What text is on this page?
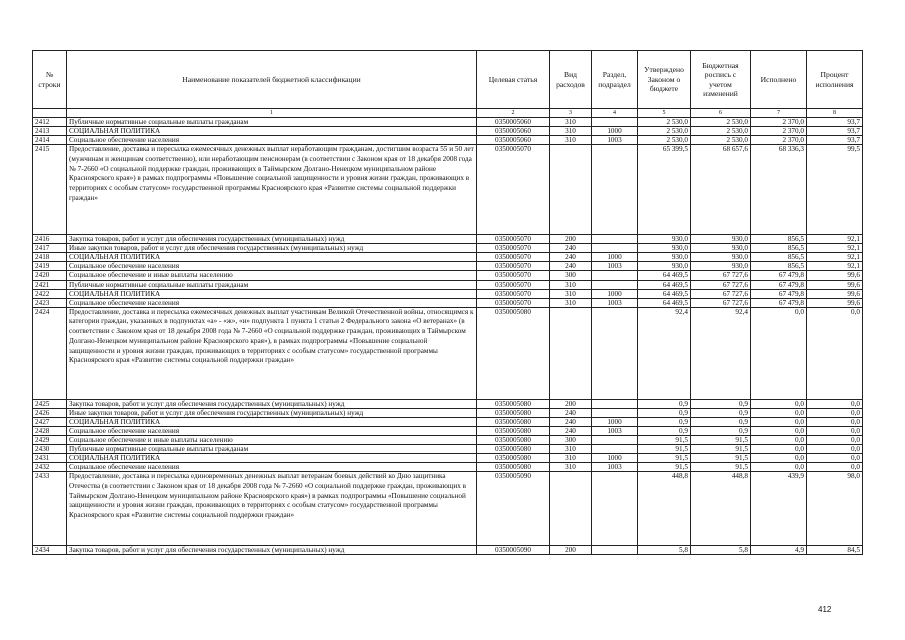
№ строки	Наименование показателей бюджетной классификации	Целевая статья	Вид расходов	Раздел, подраздел	Утверждено Законом о бюджете	Бюджетная роспись с учетом изменений	Исполнено	Процент исполнения
	1	2	3	4	5	6	7	8
2412	Публичные нормативные социальные выплаты гражданам	0350005060	310		2 530,0	2 530,0	2 370,0	93,7
2413	СОЦИАЛЬНАЯ ПОЛИТИКА	0350005060	310	1000	2 530,0	2 530,0	2 370,0	93,7
2414	Социальное обеспечение населения	0350005060	310	1003	2 530,0	2 530,0	2 370,0	93,7
2415	Предоставление, доставка и пересылка ежемесячных денежных выплат неработающим гражданам, достигшим возраста 55 и 50 лет (мужчинам и женщинам соответственно), или неработающим пенсионерам (в соответствии с Законом края от 18 декабря 2008 года № 7-2660 «О социальной поддержке граждан, проживающих в Таймырском Долгано-Ненецком муниципальном районе Красноярского края») в рамках подпрограммы «Повышение социальной защищенности и уровня жизни граждан, проживающих в территориях с особым статусом» государственной программы Красноярского края «Развитие системы социальной поддержки граждан»	0350005070			65 399,5	68 657,6	68 336,3	99,5
2416	Закупка товаров, работ и услуг для обеспечения государственных (муниципальных) нужд	0350005070	200		930,0	930,0	856,5	92,1
2417	Иные закупки товаров, работ и услуг для обеспечения государственных (муниципальных) нужд	0350005070	240		930,0	930,0	856,5	92,1
2418	СОЦИАЛЬНАЯ ПОЛИТИКА	0350005070	240	1000	930,0	930,0	856,5	92,1
2419	Социальное обеспечение населения	0350005070	240	1003	930,0	930,0	856,5	92,1
2420	Социальное обеспечение и иные выплаты населению	0350005070	300		64 469,5	67 727,6	67 479,8	99,6
2421	Публичные нормативные социальные выплаты гражданам	0350005070	310		64 469,5	67 727,6	67 479,8	99,6
2422	СОЦИАЛЬНАЯ ПОЛИТИКА	0350005070	310	1000	64 469,5	67 727,6	67 479,8	99,6
2423	Социальное обеспечение населения	0350005070	310	1003	64 469,5	67 727,6	67 479,8	99,6
2424	Предоставление, доставка и пересылка ежемесячных денежных выплат участникам Великой Отечественной войны, относящимся к категории граждан, указанных в подпунктах «а» - «ж», «и» подпункта 1 пункта 1 статьи 2 Федерального закона «О ветеранах» (в соответствии с Законом края от 18 декабря 2008 года № 7-2660 «О социальной поддержке граждан, проживающих в Таймырском Долгано-Ненецком муниципальном районе Красноярского края»), в рамках подпрограммы «Повышение социальной защищенности и уровня жизни граждан, проживающих в территориях с особым статусом» государственной программы Красноярского края «Развитие системы социальной поддержки граждан»	0350005080			92,4	92,4	0,0	0,0
2425	Закупка товаров, работ и услуг для обеспечения государственных (муниципальных) нужд	0350005080	200		0,9	0,9	0,0	0,0
2426	Иные закупки товаров, работ и услуг для обеспечения государственных (муниципальных) нужд	0350005080	240		0,9	0,9	0,0	0,0
2427	СОЦИАЛЬНАЯ ПОЛИТИКА	0350005080	240	1000	0,9	0,9	0,0	0,0
2428	Социальное обеспечение населения	0350005080	240	1003	0,9	0,9	0,0	0,0
2429	Социальное обеспечение и иные выплаты населению	0350005080	300		91,5	91,5	0,0	0,0
2430	Публичные нормативные социальные выплаты гражданам	0350005080	310		91,5	91,5	0,0	0,0
2431	СОЦИАЛЬНАЯ ПОЛИТИКА	0350005080	310	1000	91,5	91,5	0,0	0,0
2432	Социальное обеспечение населения	0350005080	310	1003	91,5	91,5	0,0	0,0
2433	Предоставление, доставка и пересылка единовременных денежных выплат ветеранам боевых действий ко Дню защитника Отечества (в соответствии с Законом края от 18 декабря 2008 года № 7-2660 «О социальной поддержке граждан, проживающих в Таймырском Долгано-Ненецком муниципальном районе Красноярского края») в рамках подпрограммы «Повышение социальной защищенности и уровня жизни граждан, проживающих в территориях с особым статусом» государственной программы Красноярского края «Развитие системы социальной поддержки граждан»	0350005090			448,8	448,8	439,9	98,0
2434	Закупка товаров, работ и услуг для обеспечения государственных (муниципальных) нужд	0350005090	200		5,8	5,8	4,9	84,5
412
